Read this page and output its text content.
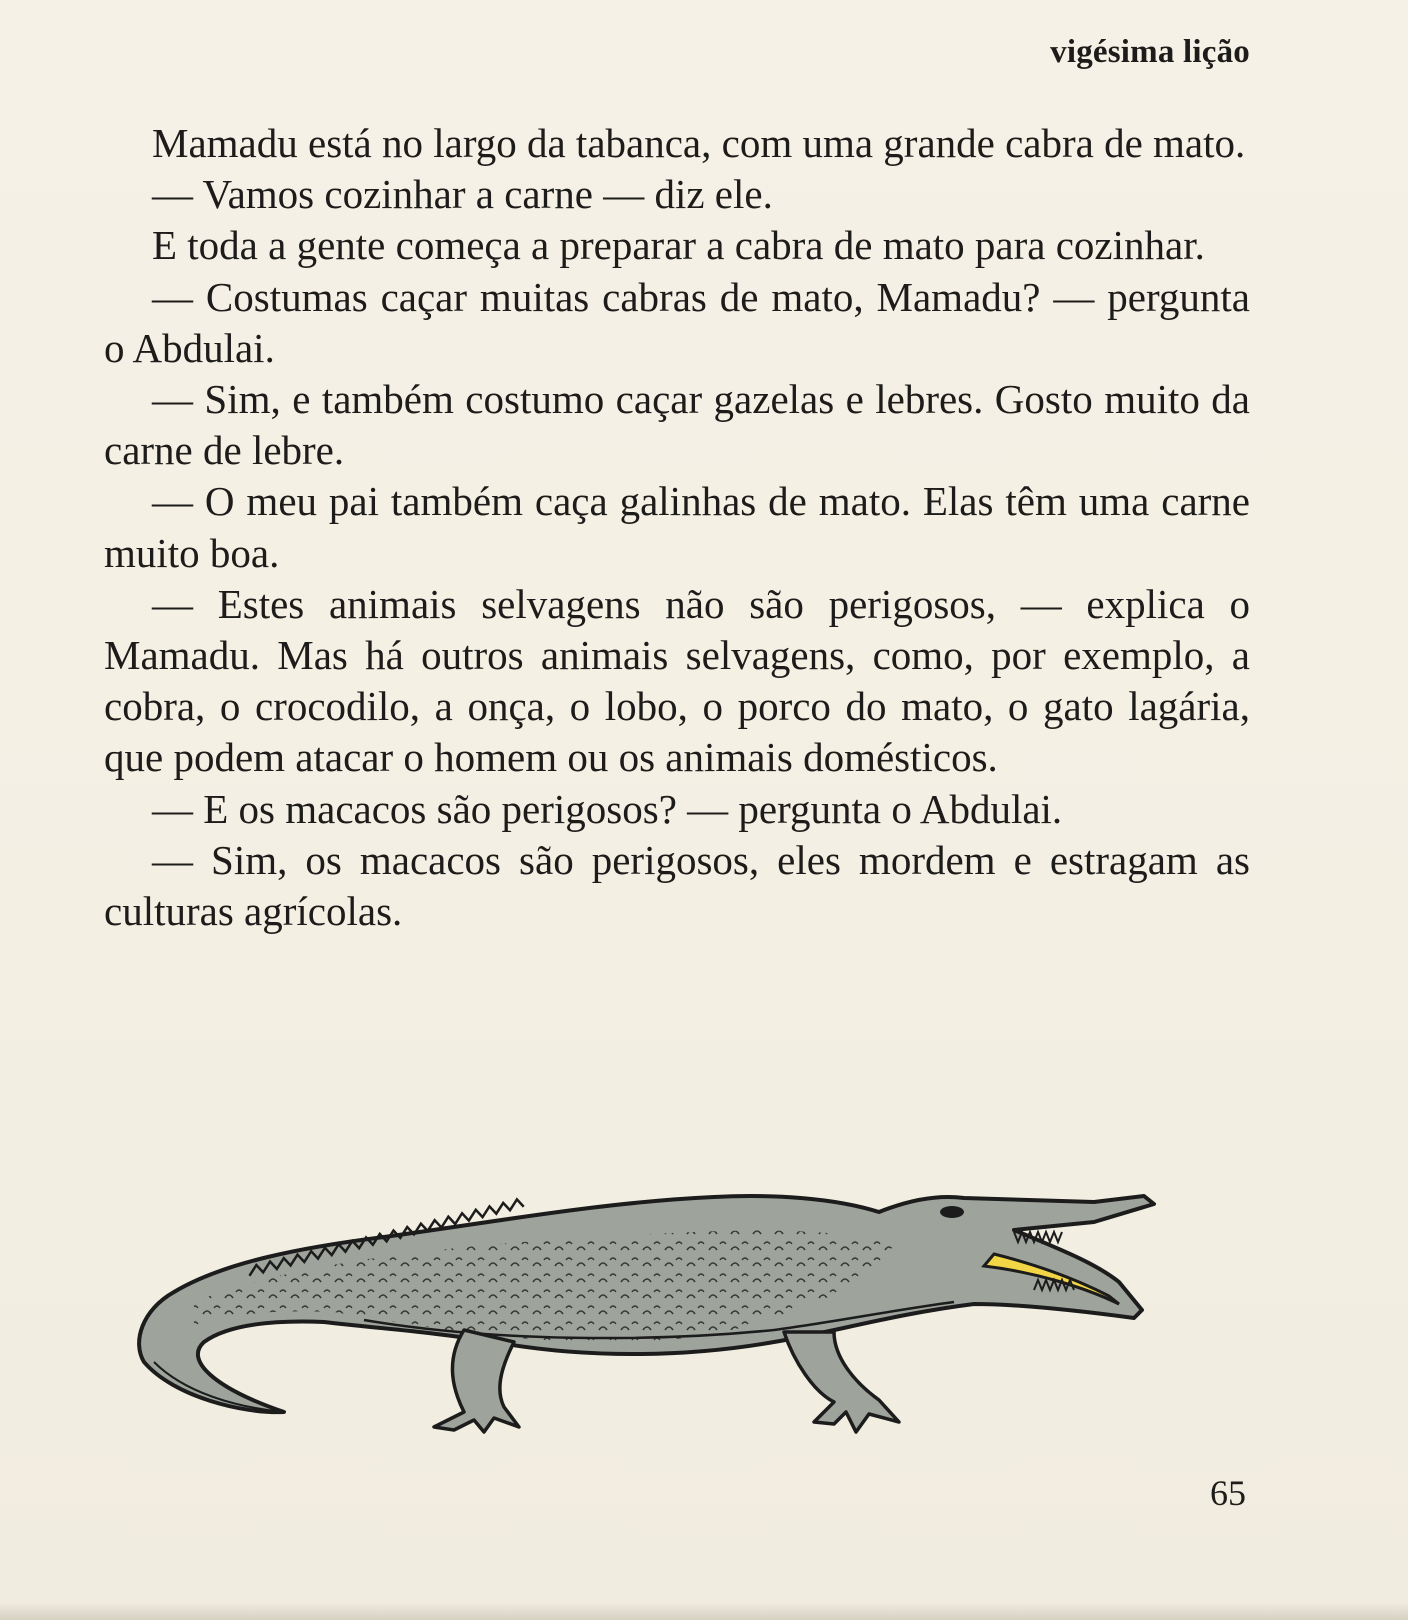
vigésima lição

Mamadu está no largo da tabanca, com uma grande cabra de mato.

— Vamos cozinhar a carne — diz ele.

E toda a gente começa a preparar a cabra de mato para cozinhar.

— Costumas caçar muitas cabras de mato, Mamadu? — pergunta o Abdulai.

— Sim, e também costumo caçar gazelas e lebres. Gosto muito da carne de lebre.

— O meu pai também caça galinhas de mato. Elas têm uma carne muito boa.

— Estes animais selvagens não são perigosos, — explica o Mamadu. Mas há outros animais selvagens, como, por exemplo, a cobra, o crocodilo, a onça, o lobo, o porco do mato, o gato lagária, que podem atacar o homem ou os animais domésticos.

— E os macacos são perigosos? — pergunta o Abdulai.

— Sim, os macacos são perigosos, eles mordem e estragam as culturas agrícolas.

65
